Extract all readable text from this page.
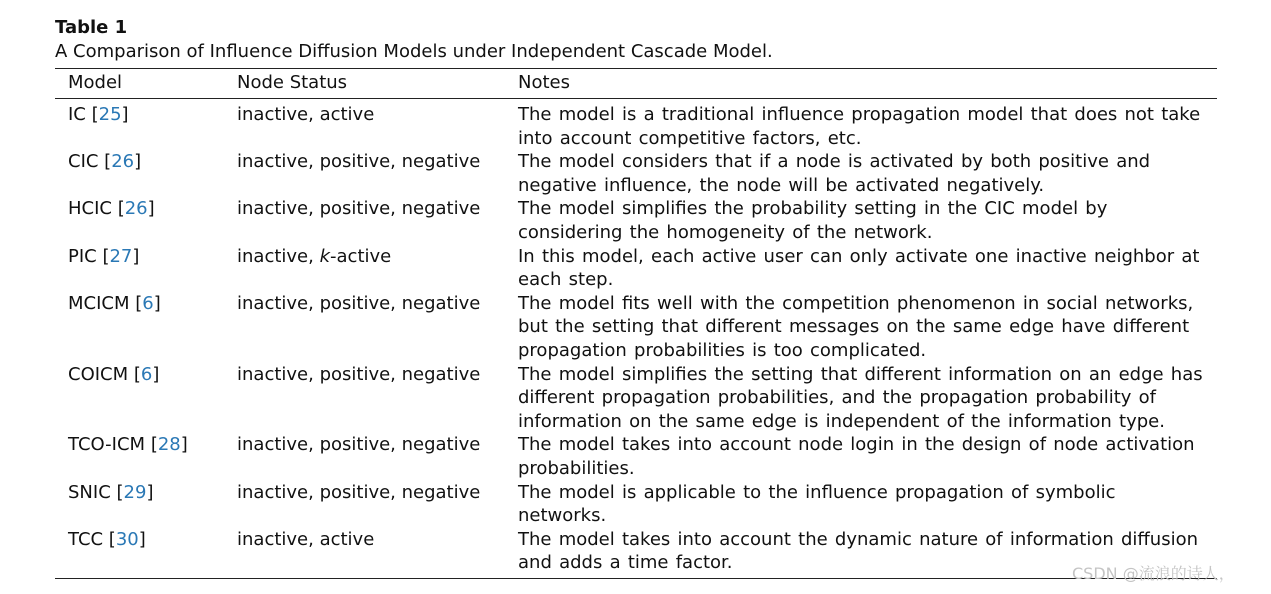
Table 1
A Comparison of Influence Diffusion Models under Independent Cascade Model.
Model	Node Status	Notes
IC [25]	inactive, active	The model is a traditional influence propagation model that does not take into account competitive factors, etc.

CIC [26]	inactive, positive, negative	The model considers that if a node is activated by both positive and negative influence, the node will be activated negatively.

HCIC [26]	inactive, positive, negative	The model simplifies the probability setting in the CIC model by considering the homogeneity of the network.

PIC [27]	inactive, k-active	In this model, each active user can only activate one inactive neighbor at each step.

MCICM [6]	inactive, positive, negative	The model fits well with the competition phenomenon in social networks, but the setting that different messages on the same edge have different propagation probabilities is too complicated.

COICM [6]	inactive, positive, negative	The model simplifies the setting that different information on an edge has different propagation probabilities, and the propagation probability of information on the same edge is independent of the information type.

TCO-ICM [28]	inactive, positive, negative	The model takes into account node login in the design of node activation probabilities.

SNIC [29]	inactive, positive, negative	The model is applicable to the influence propagation of symbolic networks.

TCC [30]	inactive, active	The model takes into account the dynamic nature of information diffusion and adds a time factor.
CSDN @流浪的诗人，
